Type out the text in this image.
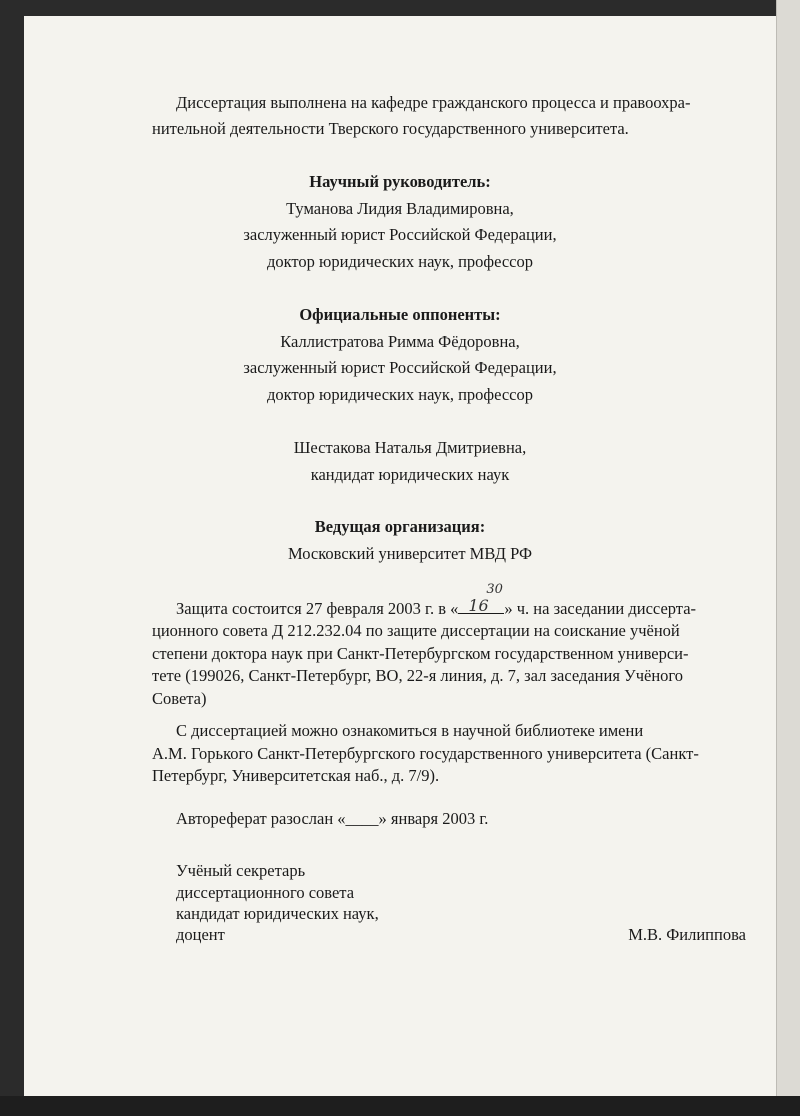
Диссертация выполнена на кафедре гражданского процесса и правоохра-
нительной деятельности Тверского государственного университета.
Научный руководитель:
Туманова Лидия Владимировна,
заслуженный юрист Российской Федерации,
доктор юридических наук, профессор
Официальные оппоненты:
Каллистратова Римма Фёдоровна,
заслуженный юрист Российской Федерации,
доктор юридических наук, профессор
Шестакова Наталья Дмитриевна,
кандидат юридических наук
Ведущая организация:
Московский университет МВД РФ
Защита состоится 27 февраля 2003 г. в « 16
30
» ч. на заседании диссерта-
ционного совета Д 212.232.04 по защите диссертации на соискание учёной
степени доктора наук при Санкт-Петербургском государственном универси-
тете (199026, Санкт-Петербург, ВО, 22-я линия, д. 7, зал заседания Учёного
Совета)
С диссертацией можно ознакомиться в научной библиотеке имени
А.М. Горького Санкт-Петербургского государственного университета (Санкт-
Петербург, Университетская наб., д. 7/9).
Автореферат разослан «____» января 2003 г.
Учёный секретарь
диссертационного совета
кандидат юридических наук,
доцент	М.В. Филиппова
